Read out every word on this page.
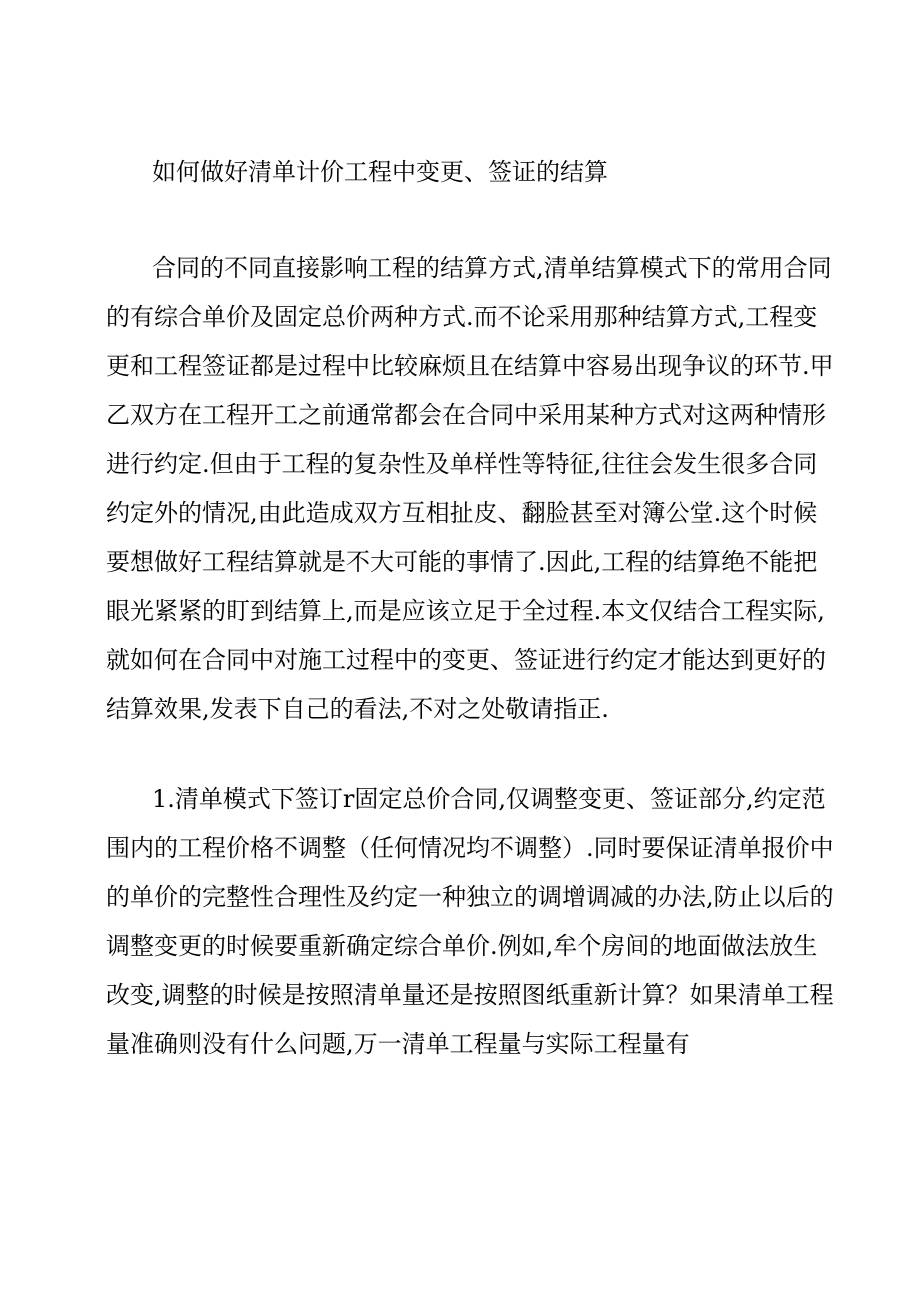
如何做好清单计价工程中变更、签证的结算
合同的不同直接影响工程的结算方式,清单结算模式下的常用合同
的有综合单价及固定总价两种方式.而不论采用那种结算方式,工程变
更和工程签证都是过程中比较麻烦且在结算中容易出现争议的环节.甲
乙双方在工程开工之前通常都会在合同中采用某种方式对这两种情形
进行约定.但由于工程的复杂性及单样性等特征,往往会发生很多合同
约定外的情况,由此造成双方互相扯皮、翻脸甚至对簿公堂.这个时候
要想做好工程结算就是不大可能的事情了.因此,工程的结算绝不能把
眼光紧紧的盯到结算上,而是应该立足于全过程.本文仅结合工程实际,
就如何在合同中对施工过程中的变更、签证进行约定才能达到更好的
结算效果,发表下自己的看法,不对之处敬请指正.
1.清单模式下签订r固定总价合同,仅调整变更、签证部分,约定范
围内的工程价格不调整（任何情况均不调整）.同时要保证清单报价中
的单价的完整性合理性及约定一种独立的调增调减的办法,防止以后的
调整变更的时候要重新确定综合单价.例如,牟个房间的地面做法放生
改变,调整的时候是按照清单量还是按照图纸重新计算？如果清单工程
量准确则没有什么问题,万一清单工程量与实际工程量有
